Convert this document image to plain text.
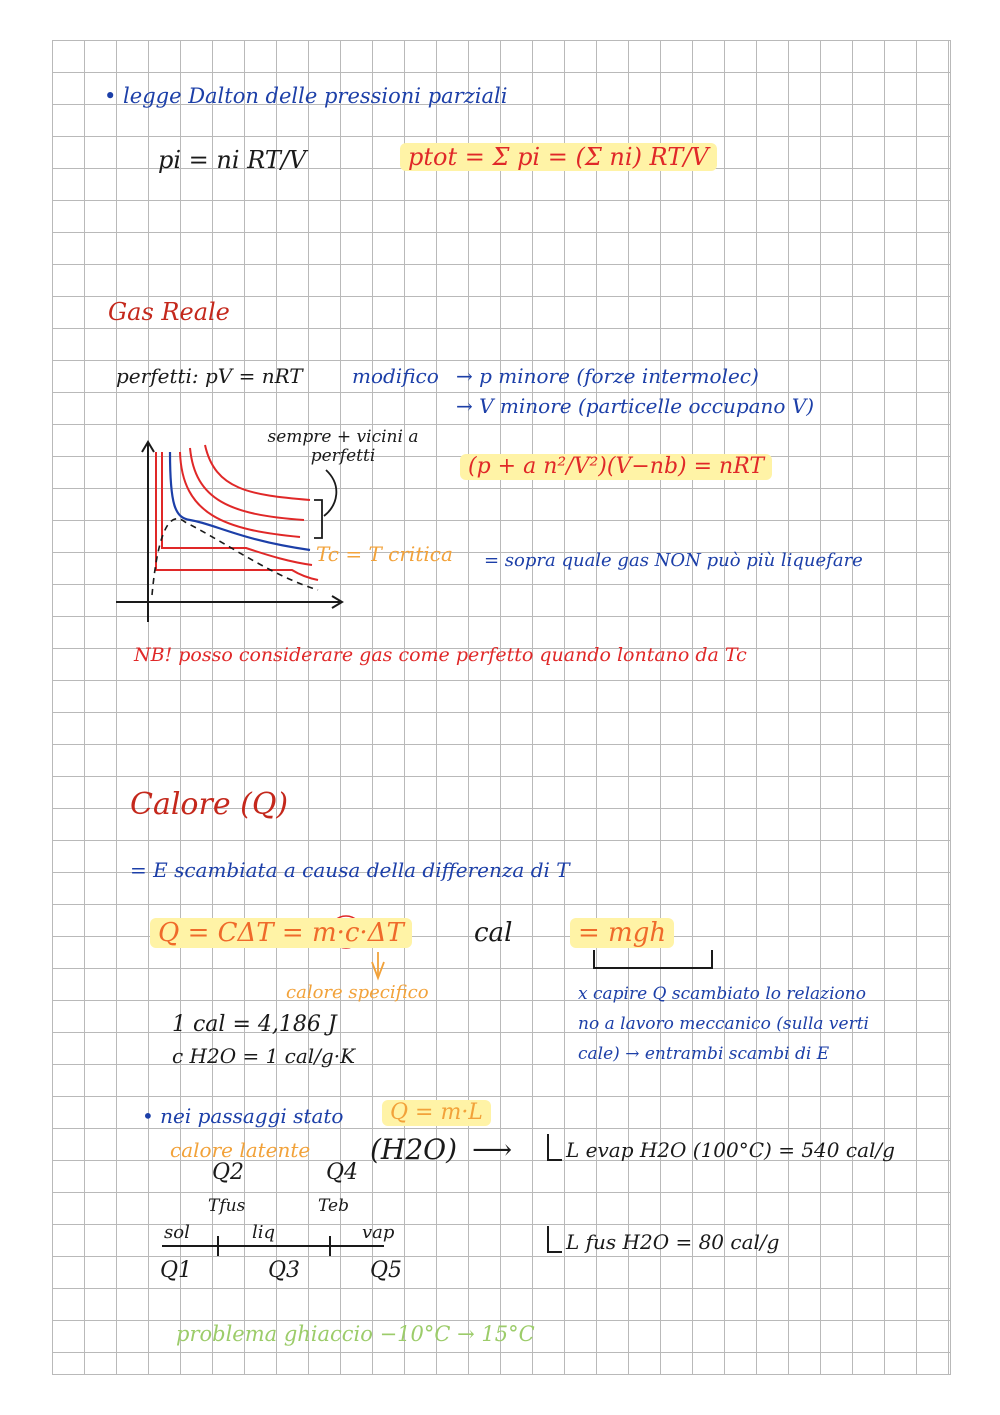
• legge Dalton delle pressioni parziali
pi = ni RT/V	ptot = Σ pi = (Σ ni) RT/V
Gas Reale
perfetti: pV = nRT modifico → p minore (forze intermolec)
→ V minore (particelle occupano V)
(p + a n²/V²)(V−nb) = nRT
sempre + vicini a perfetti
Tc = T critica = sopra quale gas NON può più liquefare
NB! posso considerare gas come perfetto quando lontano da Tc
Calore (Q)
= E scambiata a causa della differenza di T
Q = CΔT = m·c·ΔT	cal	= mgh
calore specifico	x capire Q scambiato lo relaziono
no a lavoro meccanico (sulla verti
cale) → entrambi scambi di E
1 cal = 4,186 J
c H2O = 1 cal/g·K
• nei passaggi stato	Q = m·L
calore latente (H2O) ⟶	L evap H2O (100°C) = 540 cal/g
L fus H2O = 80 cal/g
Q2	Q4
Tfus	Teb
sol	liq	vap
Q1	Q3	Q5
problema ghiaccio −10°C → 15°C
